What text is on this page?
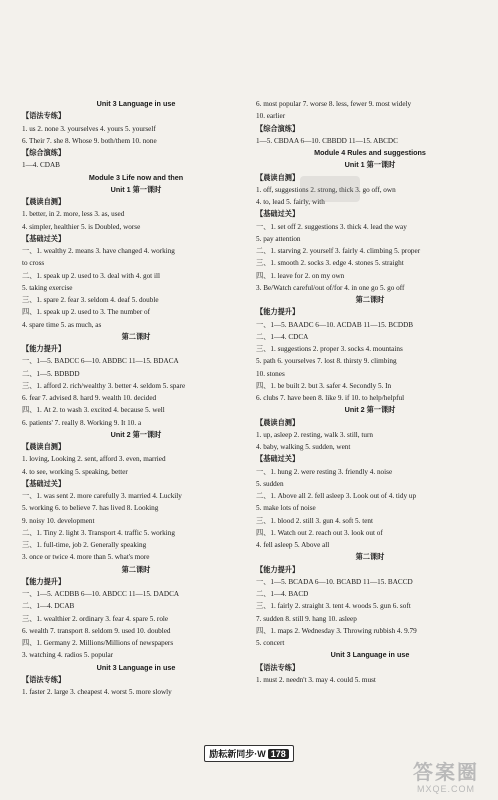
Unit 3 Language in use
【语法专练】
1. us 2. none 3. yourselves 4. yours 5. yourself
6. Their 7. she 8. Whose 9. both/them 10. none
【综合演练】
1—4. CDAB
Module 3 Life now and then
Unit 1 第一课时
【晨读自测】
1. better, in 2. more, less 3. as, used
4. simpler, healthier 5. is Doubled, worse
【基础过关】
一、1. wealthy 2. means 3. have changed 4. working
to cross
二、1. speak up 2. used to 3. deal with 4. got ill
5. taking exercise
三、1. spare 2. fear 3. seldom 4. deaf 5. double
四、1. speak up 2. used to 3. The number of
4. spare time 5. as much, as
第二课时
【能力提升】
一、1—5. BADCC 6—10. ABDBC 11—15. BDACA
二、1—5. BDBDD
三、1. afford 2. rich/wealthy 3. better 4. seldom 5. spare
6. fear 7. advised 8. hard 9. wealth 10. decided
四、1. At 2. to wash 3. excited 4. because 5. well
6. patients' 7. really 8. Working 9. It 10. a
Unit 2 第一课时
【晨读自测】
1. loving, Looking 2. sent, afford 3. even, married
4. to see, working 5. speaking, better
【基础过关】
一、1. was sent 2. more carefully 3. married 4. Luckily
5. working 6. to believe 7. has lived 8. Looking
9. noisy 10. development
二、1. Tiny 2. light 3. Transport 4. traffic 5. working
三、1. full-time, job 2. Generally speaking
3. once or twice 4. more than 5. what's more
第二课时
【能力提升】
一、1—5. ACDBB 6—10. ABDCC 11—15. DADCA
二、1—4. DCAB
三、1. wealthier 2. ordinary 3. fear 4. spare 5. role
6. wealth 7. transport 8. seldom 9. used 10. doubled
四、1. Germany 2. Millions/Millions of newspapers
3. watching 4. radios 5. popular
Unit 3 Language in use
【语法专练】
1. faster 2. large 3. cheapest 4. worst 5. more slowly
6. most popular 7. worse 8. less, fewer 9. most widely
10. earlier
【综合演练】
1—5. CBDAA 6—10. CBBDD 11—15. ABCDC
Module 4 Rules and suggestions
Unit 1 第一课时
【晨读自测】
1. off, suggestions 2. strong, thick 3. go off, own
4. to, lead 5. fairly, with
【基础过关】
一、1. set off 2. suggestions 3. thick 4. lead the way
5. pay attention
二、1. starving 2. yourself 3. fairly 4. climbing 5. proper
三、1. smooth 2. socks 3. edge 4. stones 5. straight
四、1. leave for 2. on my own
3. Be/Watch careful/out of/for 4. in one go 5. go off
第二课时
【能力提升】
一、1—5. BAADC 6—10. ACDAB 11—15. BCDDB
二、1—4. CDCA
三、1. suggestions 2. proper 3. socks 4. mountains
5. path 6. yourselves 7. lost 8. thirsty 9. climbing
10. stones
四、1. be built 2. but 3. safer 4. Secondly 5. In
6. clubs 7. have been 8. like 9. if 10. to help/helpful
Unit 2 第一课时
【晨读自测】
1. up, asleep 2. resting, walk 3. still, turn
4. baby, walking 5. sudden, went
【基础过关】
一、1. hung 2. were resting 3. friendly 4. noise
5. sudden
二、1. Above all 2. fell asleep 3. Look out of 4. tidy up
5. make lots of noise
三、1. blood 2. still 3. gun 4. soft 5. tent
四、1. Watch out 2. reach out 3. look out of
4. fell asleep 5. Above all
第二课时
【能力提升】
一、1—5. BCADA 6—10. BCABD 11—15. BACCD
二、1—4. BACD
三、1. fairly 2. straight 3. tent 4. woods 5. gun 6. soft
7. sudden 8. still 9. hang 10. asleep
四、1. maps 2. Wednesday 3. Throwing rubbish 4. 9.79
5. concert
Unit 3 Language in use
【语法专练】
1. must 2. needn't 3. may 4. could 5. must
励耘新同步·W 178
答案圈
MXQE.COM
